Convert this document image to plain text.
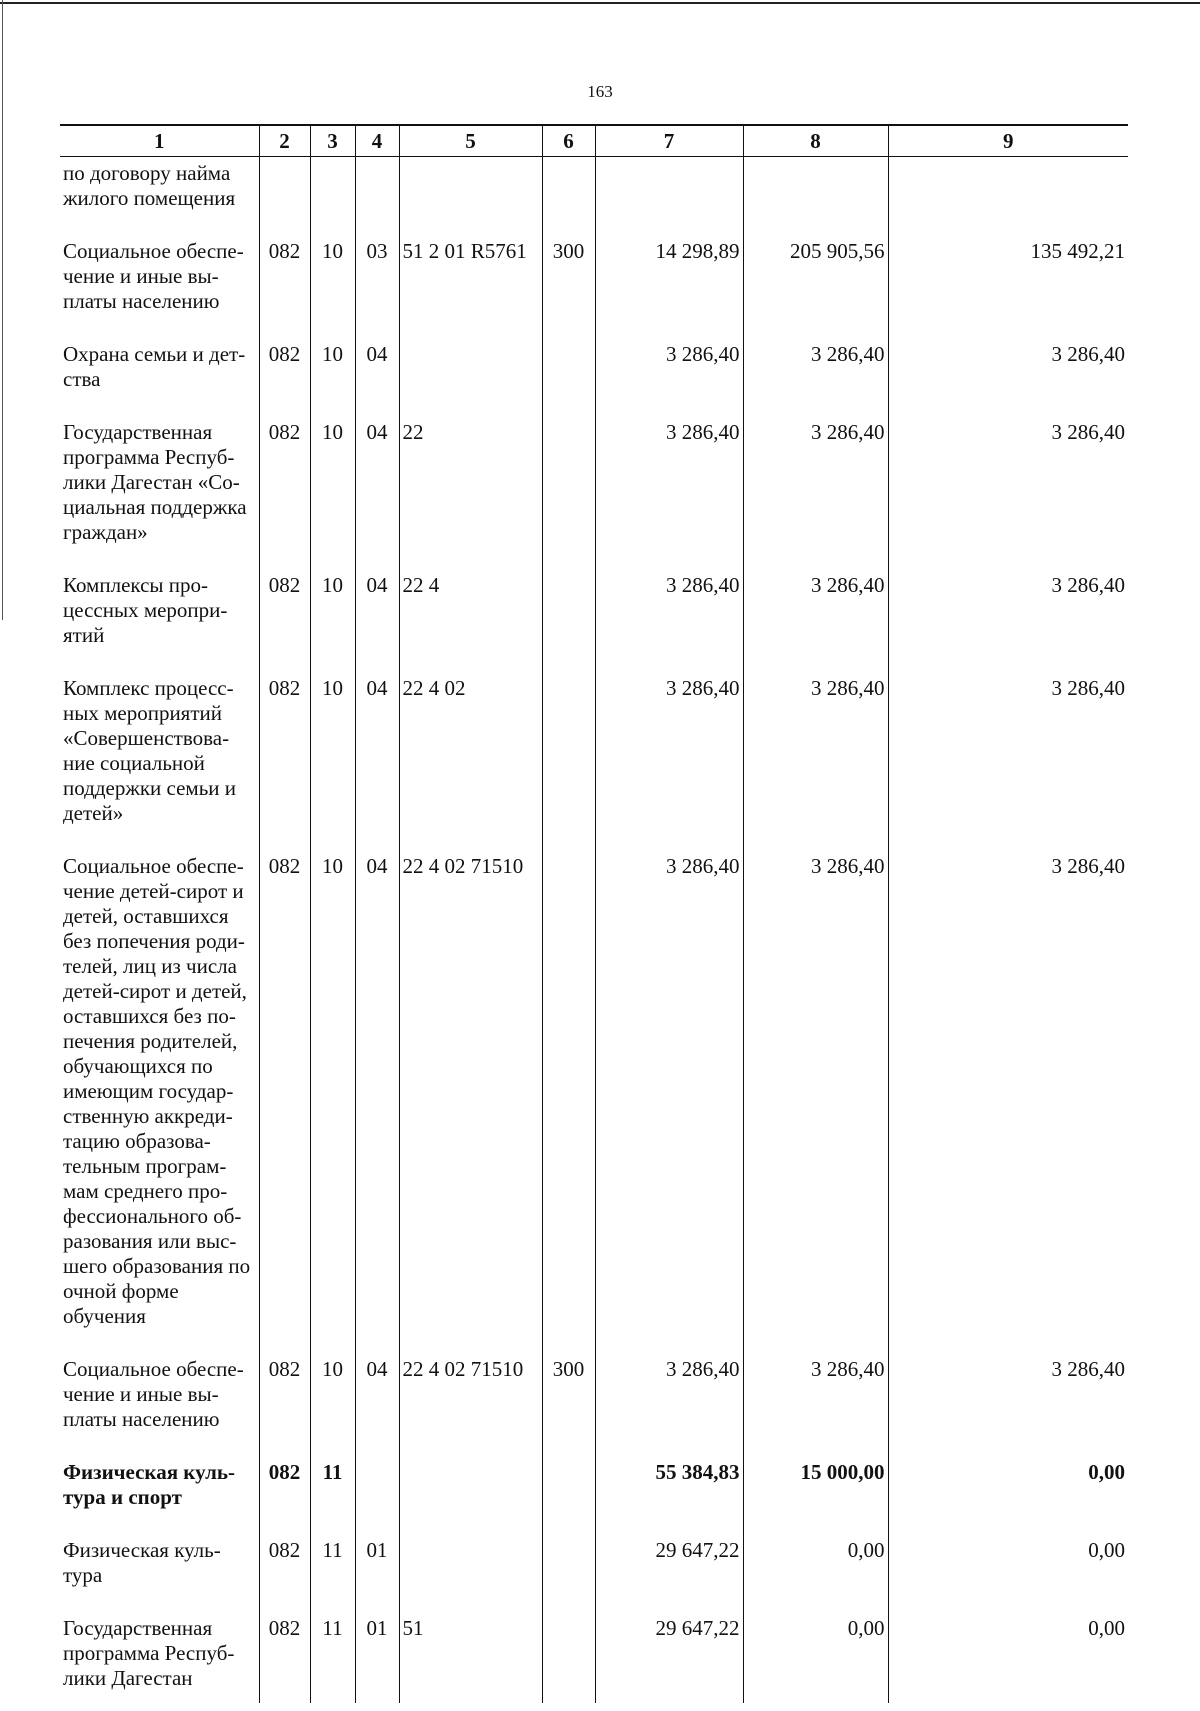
163
1	2	3	4	5	6	7	8	9
по договору найма жилого помещения								
Социальное обеспе-чение и иные вы-платы населению	082	10	03	51 2 01 R5761	300	14 298,89	205 905,56	135 492,21
Охрана семьи и дет-ства	082	10	04			3 286,40	3 286,40	3 286,40
Государственная программа Респуб-лики Дагестан «Со-циальная поддержка граждан»	082	10	04	22		3 286,40	3 286,40	3 286,40
Комплексы про-цессных меропри-ятий	082	10	04	22 4		3 286,40	3 286,40	3 286,40
Комплекс процесс-ных мероприятий «Совершенствова-ние социальной поддержки семьи и детей»	082	10	04	22 4 02		3 286,40	3 286,40	3 286,40
Социальное обеспе-чение детей-сирот и детей, оставшихся без попечения роди-телей, лиц из числа детей-сирот и детей, оставшихся без по-печения родителей, обучающихся по имеющим государ-ственную аккреди-тацию образова-тельным програм-мам среднего про-фессионального об-разования или выс-шего образования по очной форме обучения	082	10	04	22 4 02 71510		3 286,40	3 286,40	3 286,40
Социальное обеспе-чение и иные вы-платы населению	082	10	04	22 4 02 71510	300	3 286,40	3 286,40	3 286,40
Физическая куль-тура и спорт	082	11				55 384,83	15 000,00	0,00
Физическая куль-тура	082	11	01			29 647,22	0,00	0,00
Государственная программа Респуб-лики Дагестан	082	11	01	51		29 647,22	0,00	0,00
